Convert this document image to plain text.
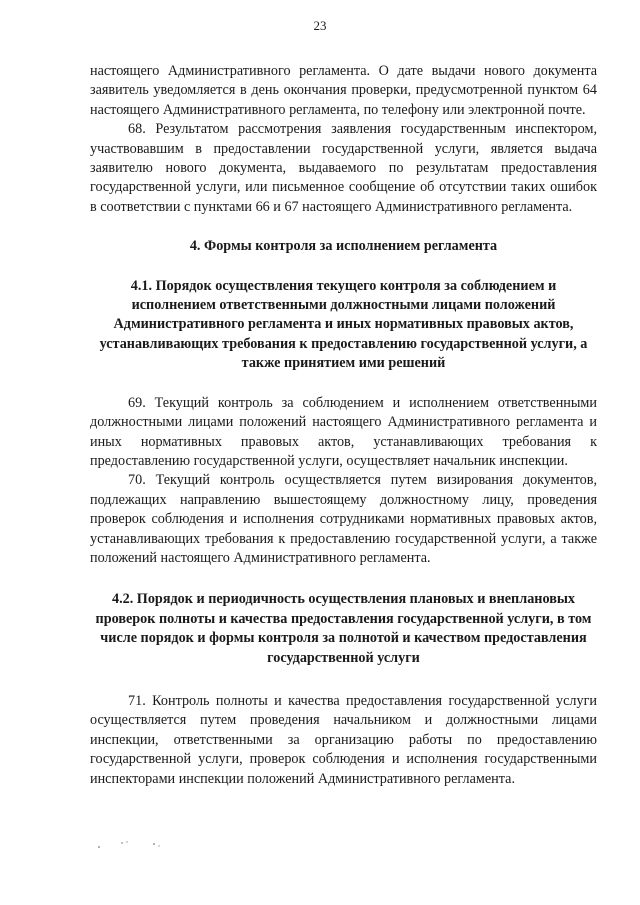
23

настоящего Административного регламента. О дате выдачи нового документа заявитель уведомляется в день окончания проверки, предусмотренной пунктом 64 настоящего Административного регламента, по телефону или электронной почте.

68. Результатом рассмотрения заявления государственным инспектором, участвовавшим в предоставлении государственной услуги, является выдача заявителю нового документа, выдаваемого по результатам предоставления государственной услуги, или письменное сообщение об отсутствии таких ошибок в соответствии с пунктами 66 и 67 настоящего Административного регламента.

4. Формы контроля за исполнением регламента
4.1. Порядок осуществления текущего контроля за соблюдением и исполнением ответственными должностными лицами положений Административного регламента и иных нормативных правовых актов, устанавливающих требования к предоставлению государственной услуги, а также принятием ими решений

69. Текущий контроль за соблюдением и исполнением ответственными должностными лицами положений настоящего Административного регламента и иных нормативных правовых актов, устанавливающих требования к предоставлению государственной услуги, осуществляет начальник инспекции.

70. Текущий контроль осуществляется путем визирования документов, подлежащих направлению вышестоящему должностному лицу, проведения проверок соблюдения и исполнения сотрудниками нормативных правовых актов, устанавливающих требования к предоставлению государственной услуги, а также положений настоящего Административного регламента.

4.2. Порядок и периодичность осуществления плановых и внеплановых проверок полноты и качества предоставления государственной услуги, в том числе порядок и формы контроля за полнотой и качеством предоставления государственной услуги

71. Контроль полноты и качества предоставления государственной услуги осуществляется путем проведения начальником и должностными лицами инспекции, ответственными за организацию работы по предоставлению государственной услуги, проверок соблюдения и исполнения государственными инспекторами инспекции положений Административного регламента.
